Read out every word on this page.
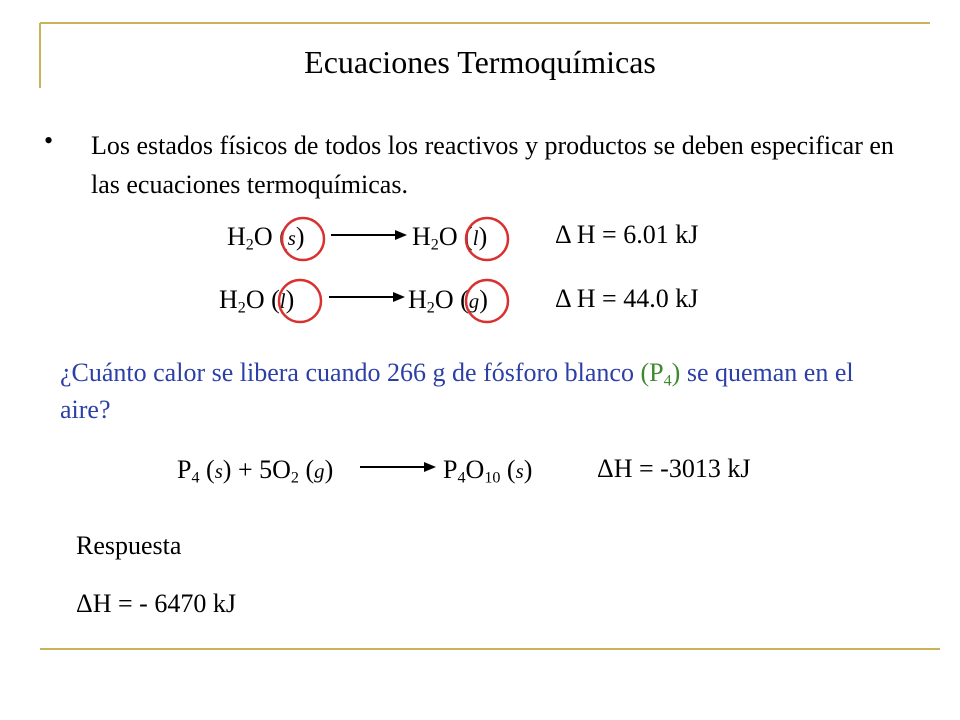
Ecuaciones Termoquímicas
• Los estados físicos de todos los reactivos y productos se deben especificar en las ecuaciones termoquímicas.
$H_2O$ (s)	$H_2O$ (l)	Δ H = 6.01 kJ
$H_2O$ (l)	$H_2O$ (g)	Δ H = 44.0 kJ
¿Cuánto calor se libera cuando 266 g de fósforo blanco $(P_4)$ se queman en el aire?
$P_4$ $(s) + 5O_2$ (g)	$P_4O_{10}$ (s) ΔH = -3013 kJ
Respuesta
ΔH = - 6470 kJ
